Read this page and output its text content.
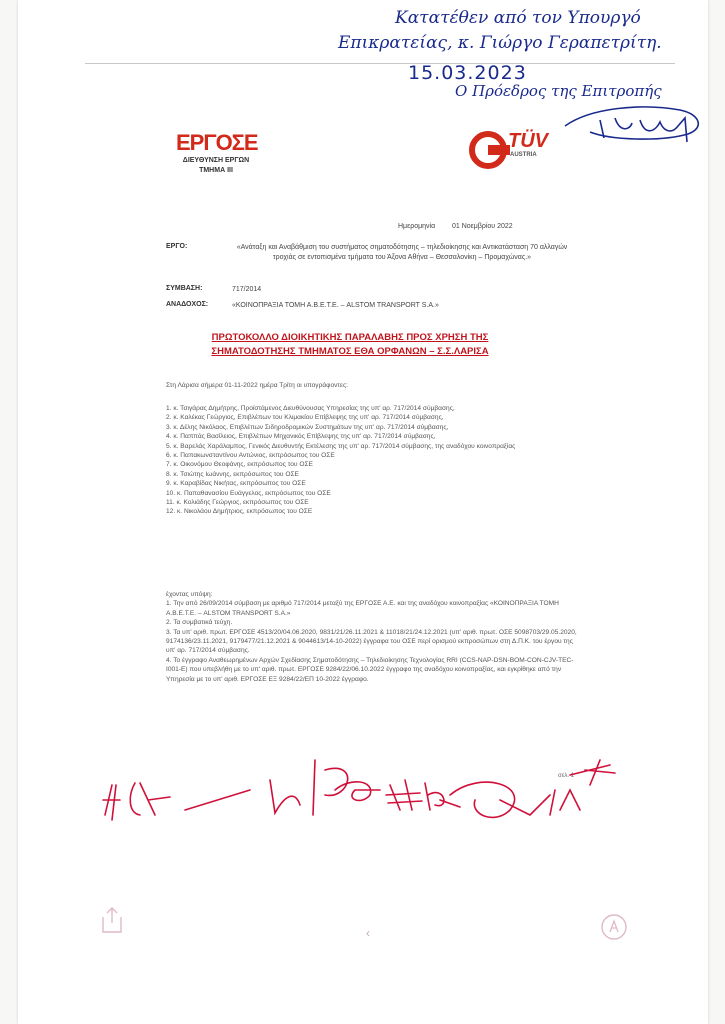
Κατατέθεν από τον Υπουργό
Επικρατείας, κ. Γιώργο Γεραπετρίτη.
15.03.2023
Ο Πρόεδρος της Επιτροπής
ΕΡΓΟΣΕ
ΔΙΕΥΘΥΝΣΗ ΕΡΓΩΝ
ΤΜΗΜΑ ΙΙΙ
TÜV
AUSTRIA
Ημερομηνία 01 Νοεμβρίου 2022
ΕΡΓΟ:	«Ανάταξη και Αναβάθμιση του συστήματος σηματοδότησης – τηλεδιοίκησης και Αντικατάσταση 70 αλλαγών τροχιάς σε εντοπισμένα τμήματα του Άξονα Αθήνα – Θεσσαλονίκη – Προμαχώνας.»
ΣΥΜΒΑΣΗ:	717/2014
ΑΝΑΔΟΧΟΣ:	«ΚΟΙΝΟΠΡΑΞΙΑ ΤΟΜΗ Α.Β.Ε.Τ.Ε. – ALSTOM TRANSPORT S.A.»
ΠΡΩΤΟΚΟΛΛΟ ΔΙΟΙΚΗΤΙΚΗΣ ΠΑΡΑΛΑΒΗΣ ΠΡΟΣ ΧΡΗΣΗ ΤΗΣ
ΣΗΜΑΤΟΔΟΤΗΣΗΣ ΤΜΗΜΑΤΟΣ ΕΘΑ ΟΡΦΑΝΩΝ – Σ.Σ.ΛΑΡΙΣΑ
Στη Λάρισα σήμερα 01-11-2022 ημέρα Τρίτη οι υπογράφοντες:

1. κ. Τσιγάρας Δημήτρης, Προϊστάμενος Διευθύνουσας Υπηρεσίας της υπ' αρ. 717/2014 σύμβασης,

2. κ. Καλέκας Γεώργιος, Επιβλέπων του Κλιμακίου Επίβλεψης της υπ' αρ. 717/2014 σύμβασης,

3. κ. Δέλης Νικόλαος, Επιβλέπων Σιδηροδρομικών Συστημάτων της υπ' αρ. 717/2014 σύμβασης,

4. κ. Παππάς Βασίλειος, Επιβλέπων Μηχανικός Επίβλεψης της υπ' αρ. 717/2014 σύμβασης,

5. κ. Βαρελάς Χαράλαμπος, Γενικός Διευθυντής Εκτέλεσης της υπ' αρ. 717/2014 σύμβασης, της αναδόχου κοινοπραξίας

6. κ. Παπακωνσταντίνου Αντώνιος, εκπρόσωπος του ΟΣΕ

7. κ. Οικονόμου Θεοφάνης, εκπρόσωπος του ΟΣΕ

8. κ. Τσιώτης Ιωάννης, εκπρόσωπος του ΟΣΕ

9. κ. Καραβίδας Νικήτας, εκπρόσωπος του ΟΣΕ

10. κ. Παπαθανασίου Ευάγγελος, εκπρόσωπος του ΟΣΕ

11. κ. Κολιάδης Γεώργιος, εκπρόσωπος του ΟΣΕ

12. κ. Νικολάου Δημήτριος, εκπρόσωπος του ΟΣΕ

έχοντας υπόψη:

1. Την από 26/09/2014 σύμβαση με αριθμό 717/2014 μεταξύ της ΕΡΓΟΣΕ Α.Ε. και της αναδόχου κοινοπραξίας «ΚΟΙΝΟΠΡΑΞΙΑ ΤΟΜΗ Α.Β.Ε.Τ.Ε. – ALSTOM TRANSPORT S.A.»

2. Τα συμβατικά τεύχη.

3. Τα υπ' αριθ. πρωτ. ΕΡΓΟΣΕ 4513/20/04.06.2020, 9831/21/26.11.2021 & 11018/21/24.12.2021 (υπ' αριθ. πρωτ. ΟΣΕ 5098703/29.05.2020, 9174136/23.11.2021, 9179477/21.12.2021 & 9044613/14-10-2022) έγγραφα του ΟΣΕ περί ορισμού εκπροσώπων στη Δ.Π.Κ. του έργου της υπ' αρ. 717/2014 σύμβασης.

4. Το έγγραφο Αναθεωρημένων Αρχών Σχεδίασης Σηματοδότησης – Τηλεδιοίκησης Τεχνολογίας RRI (CCS-NAP-DSN-BOM-CON-CJV-TEC-I001-E) που υπεβλήθη με το υπ' αριθ. πρωτ. ΕΡΓΟΣΕ 9284/22/06.10.2022 έγγραφο της αναδόχου κοινοπραξίας, και εγκρίθηκε από την Υπηρεσία με το υπ' αριθ. ΕΡΓΟΣΕ ΕΞ 9284/22/ΕΠ 10-2022 έγγραφο.

σελ. 1
‹
